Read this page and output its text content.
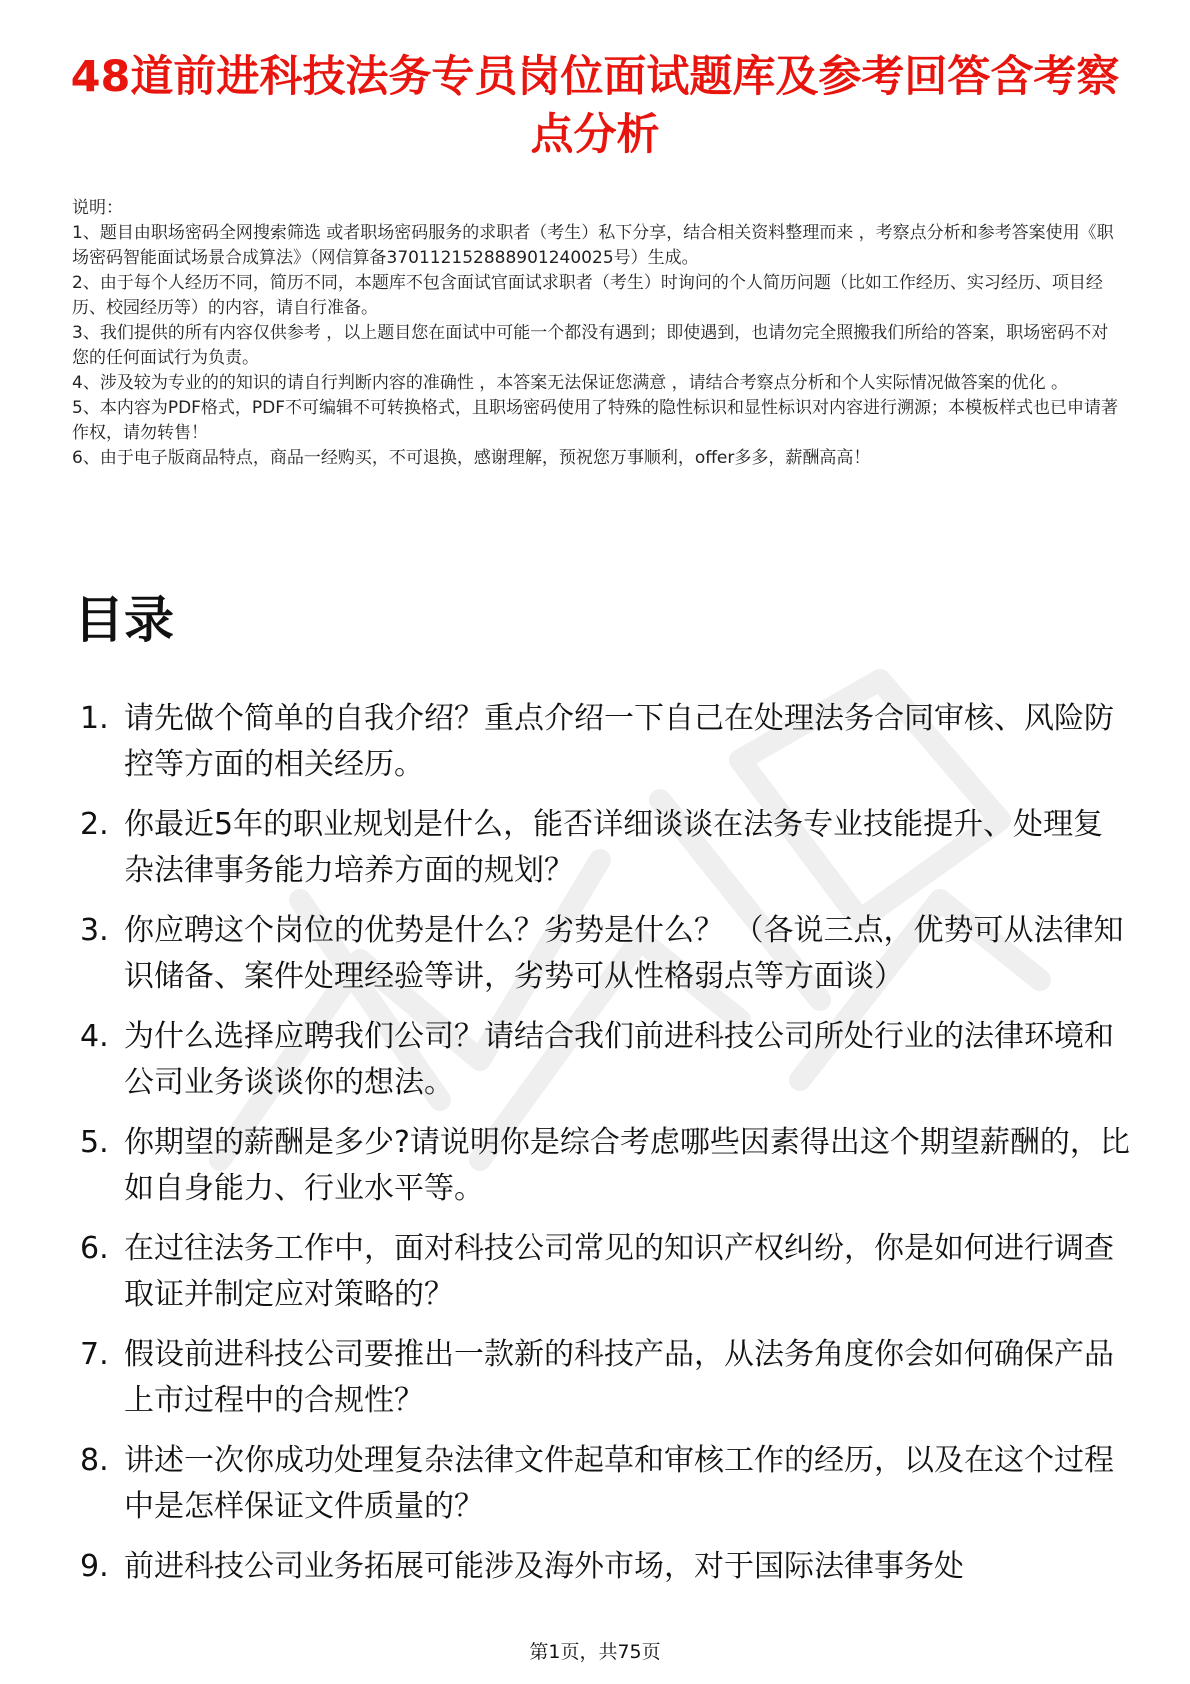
48道前进科技法务专员岗位面试题库及参考回答含考察点分析

说明：

1、题目由职场密码全网搜索筛选 或者职场密码服务的求职者（考生）私下分享，结合相关资料整理而来 ，考察点分析和参考答案使用《职场密码智能面试场景合成算法》（网信算备370112152888901240025号）生成。

2、由于每个人经历不同，简历不同，本题库不包含面试官面试求职者（考生）时询问的个人简历问题（比如工作经历、实习经历、项目经历、校园经历等）的内容，请自行准备。

3、我们提供的所有内容仅供参考 ，以上题目您在面试中可能一个都没有遇到；即使遇到，也请勿完全照搬我们所给的答案，职场密码不对您的任何面试行为负责。

4、涉及较为专业的的知识的请自行判断内容的准确性 ，本答案无法保证您满意 ，请结合考察点分析和个人实际情况做答案的优化 。

5、本内容为PDF格式，PDF不可编辑不可转换格式，且职场密码使用了特殊的隐性标识和显性标识对内容进行溯源；本模板样式也已申请著作权，请勿转售！

6、由于电子版商品特点，商品一经购买，不可退换，感谢理解，预祝您万事顺利，offer多多，薪酬高高！

目录
1. 请先做个简单的自我介绍？重点介绍一下自己在处理法务合同审核、风险防控等方面的相关经历。
2. 你最近5年的职业规划是什么，能否详细谈谈在法务专业技能提升、处理复杂法律事务能力培养方面的规划？
3. 你应聘这个岗位的优势是什么？劣势是什么？ （各说三点，优势可从法律知识储备、案件处理经验等讲，劣势可从性格弱点等方面谈）
4. 为什么选择应聘我们公司？请结合我们前进科技公司所处行业的法律环境和公司业务谈谈你的想法。
5. 你期望的薪酬是多少?请说明你是综合考虑哪些因素得出这个期望薪酬的，比如自身能力、行业水平等。
6. 在过往法务工作中，面对科技公司常见的知识产权纠纷，你是如何进行调查取证并制定应对策略的？
7. 假设前进科技公司要推出一款新的科技产品，从法务角度你会如何确保产品上市过程中的合规性？
8. 讲述一次你成功处理复杂法律文件起草和审核工作的经历，以及在这个过程中是怎样保证文件质量的？
9. 前进科技公司业务拓展可能涉及海外市场，对于国际法律事务处
第1页，共75页
